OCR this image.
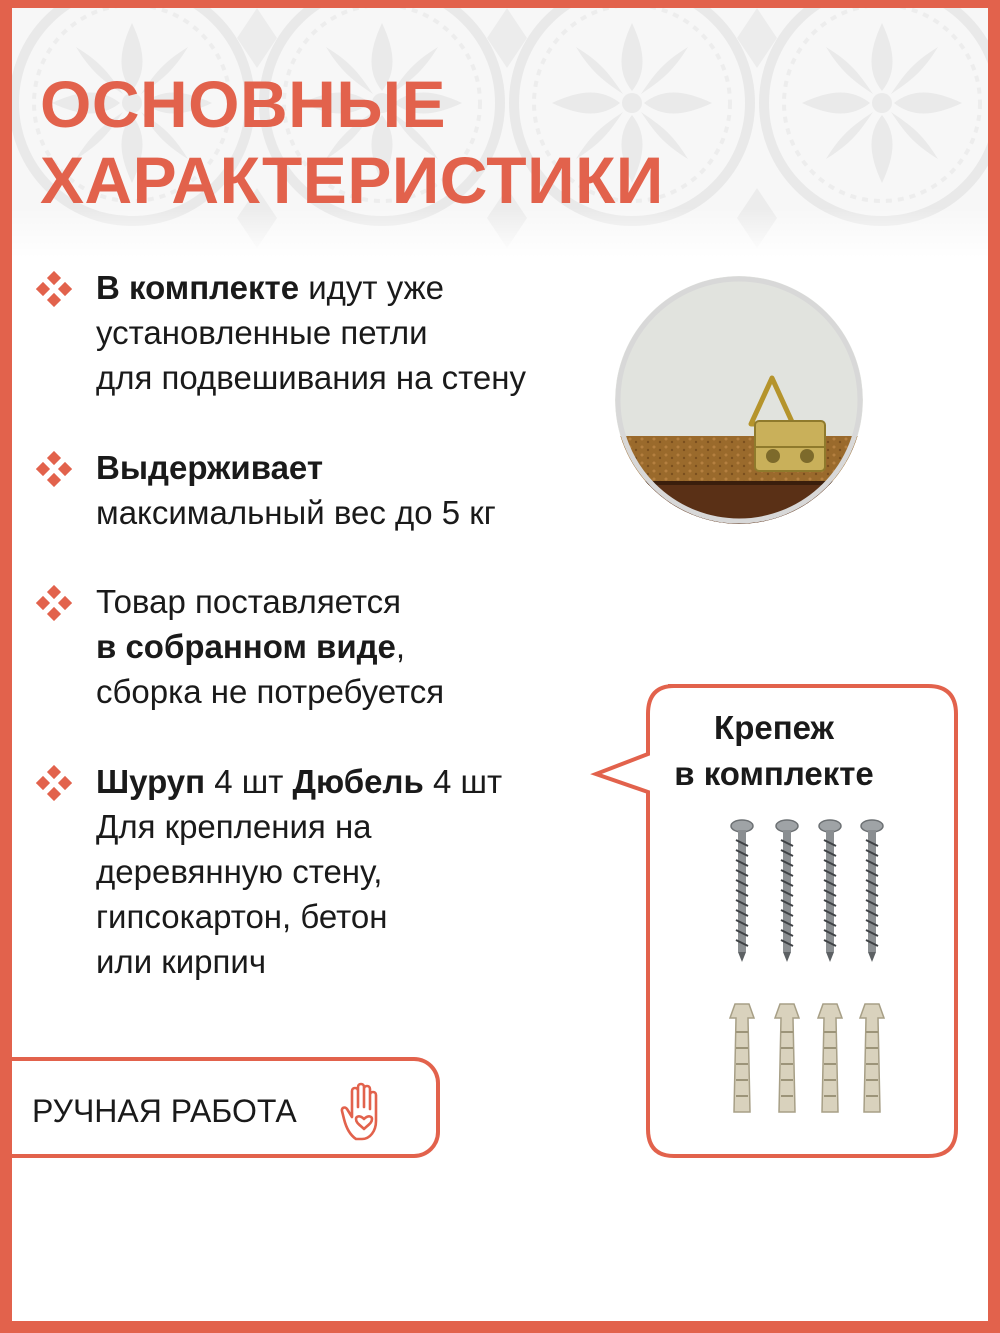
ОСНОВНЫЕ
ХАРАКТЕРИСТИКИ
В комплекте идут уже
установленные петли
для подвешивания на стену
Выдерживает
максимальный вес до 5 кг
Товар поставляется
в собранном виде,
сборка не потребуется
Шуруп 4 шт Дюбель 4 шт
Для крепления на
деревянную стену,
гипсокартон, бетон
или кирпич
Крепеж
в комплекте
РУЧНАЯ РАБОТА
